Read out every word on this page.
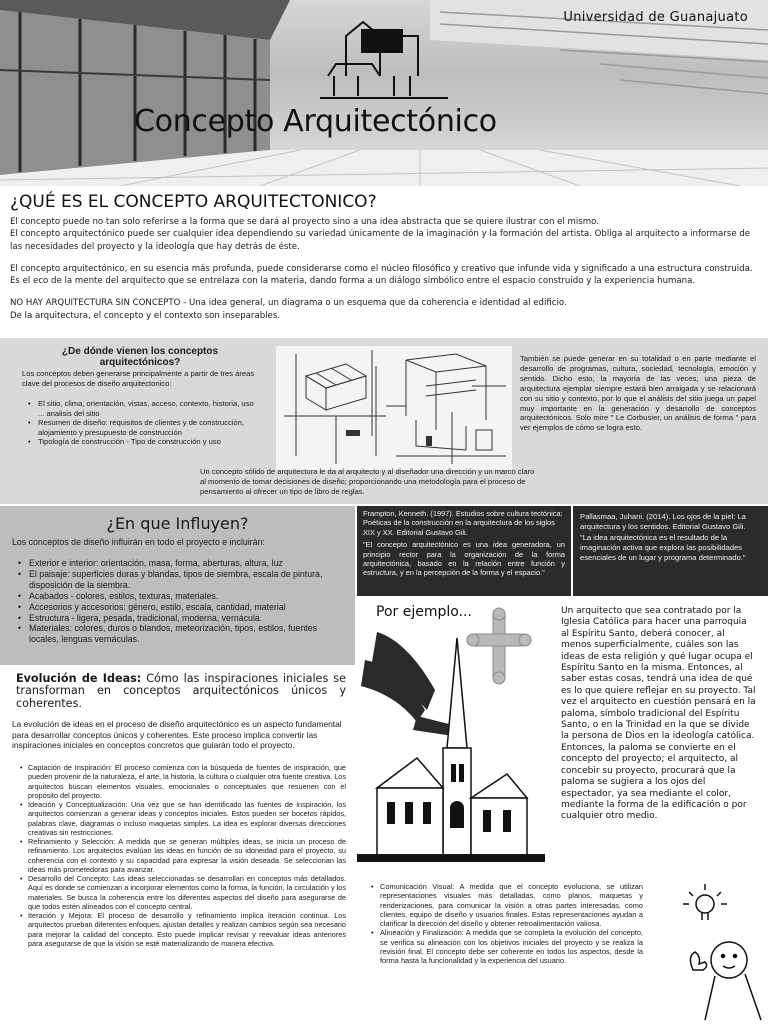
Universidad de Guanajuato
Concepto Arquitectónico
¿QUÉ ES EL CONCEPTO ARQUITECTONICO?

El concepto puede no tan solo referirse a la forma que se dará al proyecto sino a una idea abstracta que se quiere ilustrar con el mismo.

El concepto arquitectónico puede ser cualquier idea dependiendo su variedad únicamente de la imaginación y la formación del artista. Obliga al arquitecto a informarse de las necesidades del proyecto y la ideología que hay detrás de éste.

El concepto arquitectónico, en su esencia más profunda, puede considerarse como el núcleo filosófico y creativo que infunde vida y significado a una estructura construida. Es el eco de la mente del arquitecto que se entrelaza con la materia, dando forma a un diálogo simbólico entre el espacio construido y la experiencia humana.

NO HAY ARQUITECTURA SIN CONCEPTO - Una idea general, un diagrama o un esquema que da coherencia e identidad al edificio.

De la arquitectura, el concepto y el contexto son inseparables.

¿De dónde vienen los conceptos arquitectónicos?
Los conceptos deben generarse principalmente a partir de tres áreas clave del procesos de diseño arquitectonico:
• El sitio, clima, orientación, vistas, acceso, contexto, historia, uso ... analisis del sitio
• Resumen de diseño: requisitos de clientes y de construcción, alojamiento y presupuesto de construcción
• Tipología de construcción - Tipo de construcción y uso
También se puede generar en su totalidad o en parte mediante el desarrollo de programas, cultura, sociedad, tecnología, emoción y sentido. Dicho esto, la mayoría de las veces, una pieza de arquitectura ejemplar siempre estará bien arraigada y se relacionará con su sitio y contexto, por lo que el análisis del sitio juega un papel muy importante en la generación y desarrollo de conceptos arquitectónicos. Solo mire " Le Corbusier, un análisis de forma " para ver ejemplos de cómo se logra esto.
Un concepto sólido de arquitectura le da al arquitecto y al diseñador una dirección y un marco claro al momento de tomar decisiones de diseño; proporcionando una metodología para el proceso de pensamiento al ofrecer un tipo de libro de reglas.
¿En que Influyen?
Los conceptos de diseño influirán en todo el proyecto e incluirán:
• Exterior e interior: orientación, masa, forma, aberturas, altura, luz
• El paisaje: superficies duras y blandas, tipos de siembra, escala de pintura, disposición de la siembra.
• Acabados - colores, estilos, texturas, materiales.
• Accesorios y accesorios: género, estilo, escala, cantidad, material
• Estructura - ligera, pesada, tradicional, moderna, vernácula.
• Materiales: colores, duros o blandos, meteorización, tipos, estilos, fuentes locales, lenguas vernáculas.
Frampton, Kenneth. (1997). Estudios sobre cultura tectónica: Poéticas de la construcción en la arquitectura de los siglos XIX y XX. Editorial Gustavo Gili.
"El concepto arquitectónico es una idea generadora, un principio rector para la organización de la forma arquitectónica, basado en la relación entre función y estructura, y en la percepción de la forma y el espacio."
Pallasmaa, Juhani. (2014). Los ojos de la piel: La arquitectura y los sentidos. Editorial Gustavo Gili.
"La idea arquitectónica es el resultado de la imaginación activa que explora las posibilidades esenciales de un lugar y programa determinado."
Por ejemplo...	Un arquitecto que sea contratado por la Iglesia Católica para hacer una parroquia al Espíritu Santo, deberá conocer, al menos superficialmente, cuáles son las ideas de esta religión y qué lugar ocupa el Espíritu Santo en la misma. Entonces, al saber estas cosas, tendrá una idea de qué es lo que quiere reflejar en su proyecto. Tal vez el arquitecto en cuestión pensará en la paloma, símbolo tradicional del Espíritu Santo, o en la Trinidad en la que se divide la persona de Dios en la ideología católica. Entonces, la paloma se convierte en el concepto del proyecto; el arquitecto, al concebir su proyecto, procurará que la paloma se sugiera a los ojos del espectador, ya sea mediante el color, mediante la forma de la edificación o por cualquier otro medio.
Evolución de Ideas: Cómo las inspiraciones iniciales se transforman en conceptos arquitectónicos únicos y coherentes.
La evolución de ideas en el proceso de diseño arquitectónico es un aspecto fundamental para desarrollar conceptos únicos y coherentes. Este proceso implica convertir las inspiraciones iniciales en conceptos concretos que guiarán todo el proyecto.
• Captación de Inspiración: El proceso comienza con la búsqueda de fuentes de inspiración, que pueden provenir de la naturaleza, el arte, la historia, la cultura o cualquier otra fuente creativa. Los arquitectos buscan elementos visuales, emocionales o conceptuales que resuenen con el propósito del proyecto.
• Ideación y Conceptualización: Una vez que se han identificado las fuentes de inspiración, los arquitectos comienzan a generar ideas y conceptos iniciales. Estos pueden ser bocetos rápidos, palabras clave, diagramas o incluso maquetas simples. La idea es explorar diversas direcciones creativas sin restricciones.
• Refinamiento y Selección: A medida que se generan múltiples ideas, se inicia un proceso de refinamiento. Los arquitectos evalúan las ideas en función de su idoneidad para el proyecto, su coherencia con el contexto y su capacidad para expresar la visión deseada. Se seleccionan las ideas más prometedoras para avanzar.
• Desarrollo del Concepto: Las ideas seleccionadas se desarrollan en conceptos más detallados. Aquí es donde se comienzan a incorporar elementos como la forma, la función, la circulación y los materiales. Se busca la coherencia entre los diferentes aspectos del diseño para asegurarse de que todos estén alineados con el concepto central.
• Iteración y Mejora: El proceso de desarrollo y refinamiento implica iteración continua. Los arquitectos prueban diferentes enfoques, ajustan detalles y realizan cambios según sea necesario para mejorar la calidad del concepto. Esto puede implicar revisar y reevaluar ideas anteriores para asegurarse de que la visión se esté materializando de manera efectiva.
• Comunicación Visual: A medida que el concepto evoluciona, se utilizan representaciones visuales más detalladas, como planos, maquetas y renderizaciones, para comunicar la visión a otras partes interesadas, como clientes, equipo de diseño y usuarios finales. Estas representaciones ayudan a clarificar la dirección del diseño y obtener retroalimentación valiosa.
• Alineación y Finalización: A medida que se completa la evolución del concepto, se verifica su alineación con los objetivos iniciales del proyecto y se realiza la revisión final. El concepto debe ser coherente en todos los aspectos, desde la forma hasta la funcionalidad y la experiencia del usuario.
